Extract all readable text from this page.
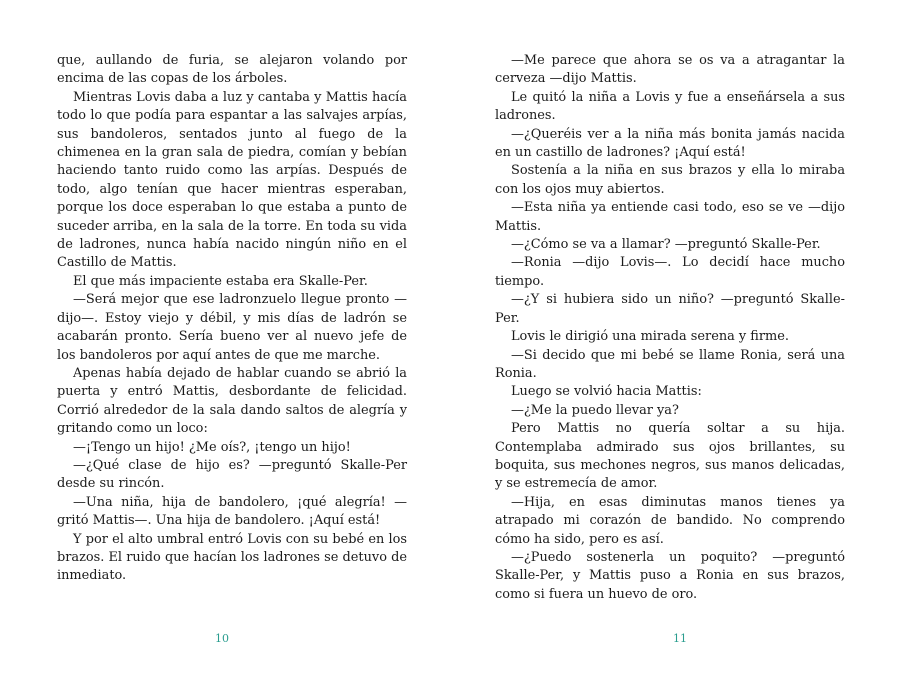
que, aullando de furia, se alejaron volando por encima de las copas de los árboles.

Mientras Lovis daba a luz y cantaba y Mattis hacía todo lo que podía para espantar a las salvajes arpías, sus bandoleros, sentados junto al fuego de la chimenea en la gran sala de piedra, comían y bebían haciendo tanto ruido como las arpías. Después de todo, algo tenían que hacer mientras esperaban, porque los doce esperaban lo que estaba a punto de suceder arriba, en la sala de la torre. En toda su vida de ladrones, nunca había nacido ningún niño en el Castillo de Mattis.

El que más impaciente estaba era Skalle-Per.

—Será mejor que ese ladronzuelo llegue pronto —dijo—. Estoy viejo y débil, y mis días de ladrón se acabarán pronto. Sería bueno ver al nuevo jefe de los bandoleros por aquí antes de que me marche.

Apenas había dejado de hablar cuando se abrió la puerta y entró Mattis, desbordante de felicidad. Corrió alrededor de la sala dando saltos de alegría y gritando como un loco:

—¡Tengo un hijo! ¿Me oís?, ¡tengo un hijo!

—¿Qué clase de hijo es? —preguntó Skalle-Per desde su rincón.

—Una niña, hija de bandolero, ¡qué alegría! —gritó Mattis—. Una hija de bandolero. ¡Aquí está!

Y por el alto umbral entró Lovis con su bebé en los brazos. El ruido que hacían los ladrones se detuvo de inmediato.

10

—Me parece que ahora se os va a atragantar la cerveza —dijo Mattis.

Le quitó la niña a Lovis y fue a enseñársela a sus ladrones.

—¿Queréis ver a la niña más bonita jamás nacida en un castillo de ladrones? ¡Aquí está!

Sostenía a la niña en sus brazos y ella lo miraba con los ojos muy abiertos.

—Esta niña ya entiende casi todo, eso se ve —dijo Mattis.

—¿Cómo se va a llamar? —preguntó Skalle-Per.

—Ronia —dijo Lovis—. Lo decidí hace mucho tiempo.

—¿Y si hubiera sido un niño? —preguntó Skalle-Per.

Lovis le dirigió una mirada serena y firme.

—Si decido que mi bebé se llame Ronia, será una Ronia.

Luego se volvió hacia Mattis:

—¿Me la puedo llevar ya?

Pero Mattis no quería soltar a su hija. Contemplaba admirado sus ojos brillantes, su boquita, sus mechones negros, sus manos delicadas, y se estremecía de amor.

—Hija, en esas diminutas manos tienes ya atrapado mi corazón de bandido. No comprendo cómo ha sido, pero es así.

—¿Puedo sostenerla un poquito? —preguntó Skalle-Per, y Mattis puso a Ronia en sus brazos, como si fuera un huevo de oro.

11
